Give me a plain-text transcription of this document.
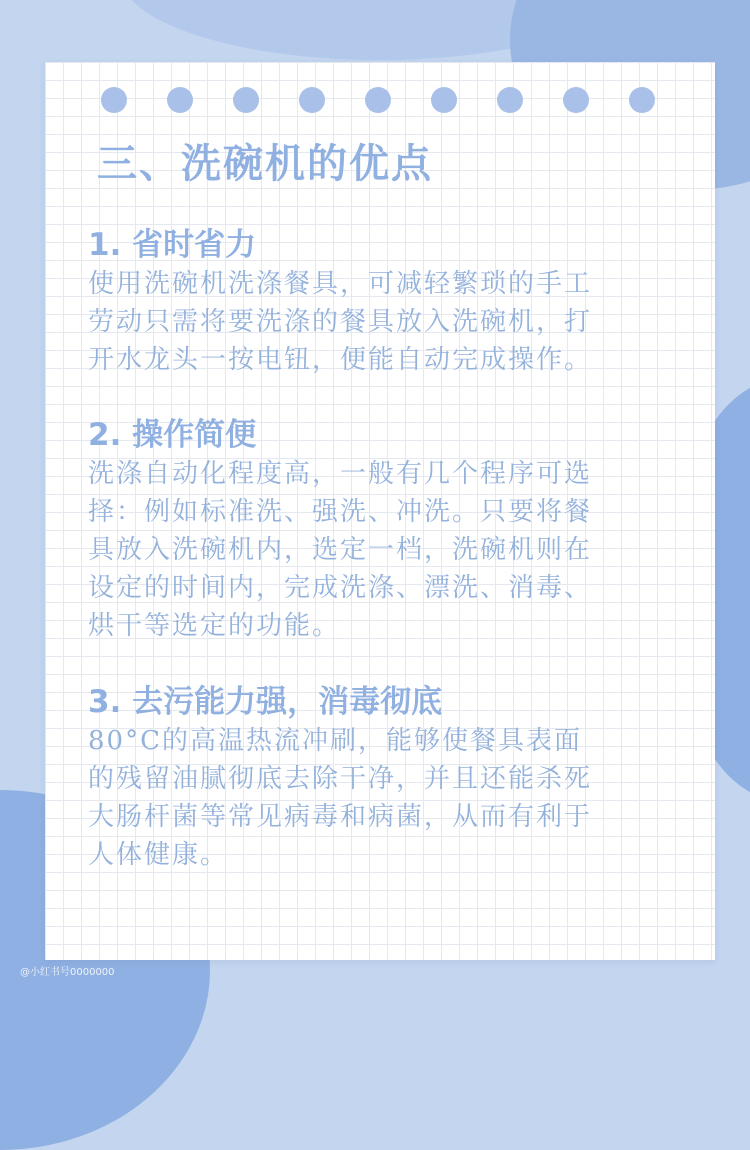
三、洗碗机的优点
1. 省时省力

使用洗碗机洗涤餐具，可减轻繁琐的手工

劳动只需将要洗涤的餐具放入洗碗机，打

开水龙头一按电钮，便能自动完成操作。

2. 操作简便

洗涤自动化程度高，一般有几个程序可选

择：例如标准洗、强洗、冲洗。只要将餐

具放入洗碗机内，选定一档，洗碗机则在

设定的时间内，完成洗涤、漂洗、消毒、

烘干等选定的功能。

3. 去污能力强，消毒彻底

80°C的高温热流冲刷，能够使餐具表面

的残留油腻彻底去除干净，并且还能杀死

大肠杆菌等常见病毒和病菌，从而有利于

人体健康。

@小红书号0000000
